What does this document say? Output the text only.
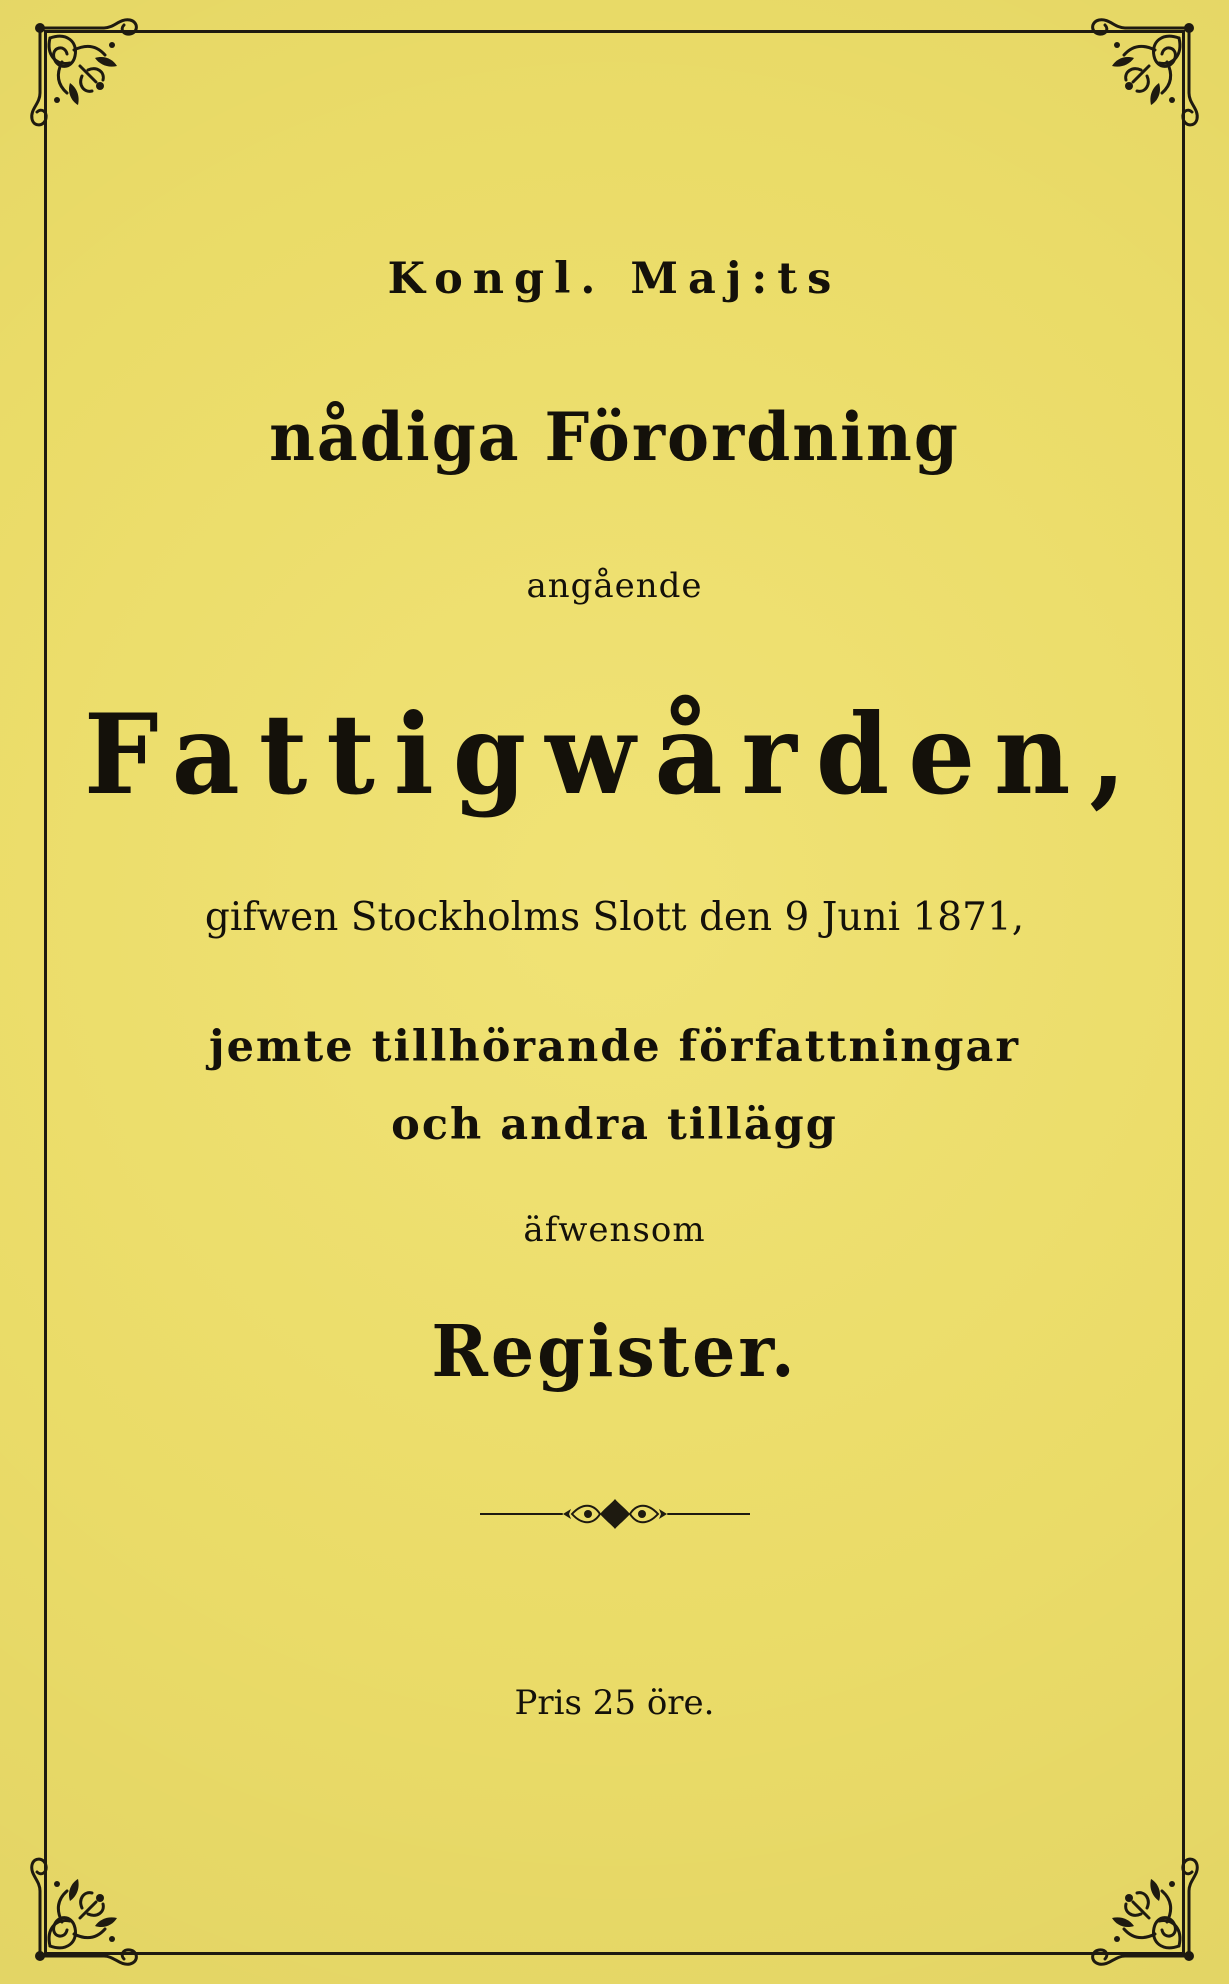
Kongl. Maj:ts
nådiga Förordning
angående
Fattigwården,
gifwen Stockholms Slott den 9 Juni 1871,
jemte tillhörande författningar
och andra tillägg
äfwensom
Register.
Pris 25 öre.
